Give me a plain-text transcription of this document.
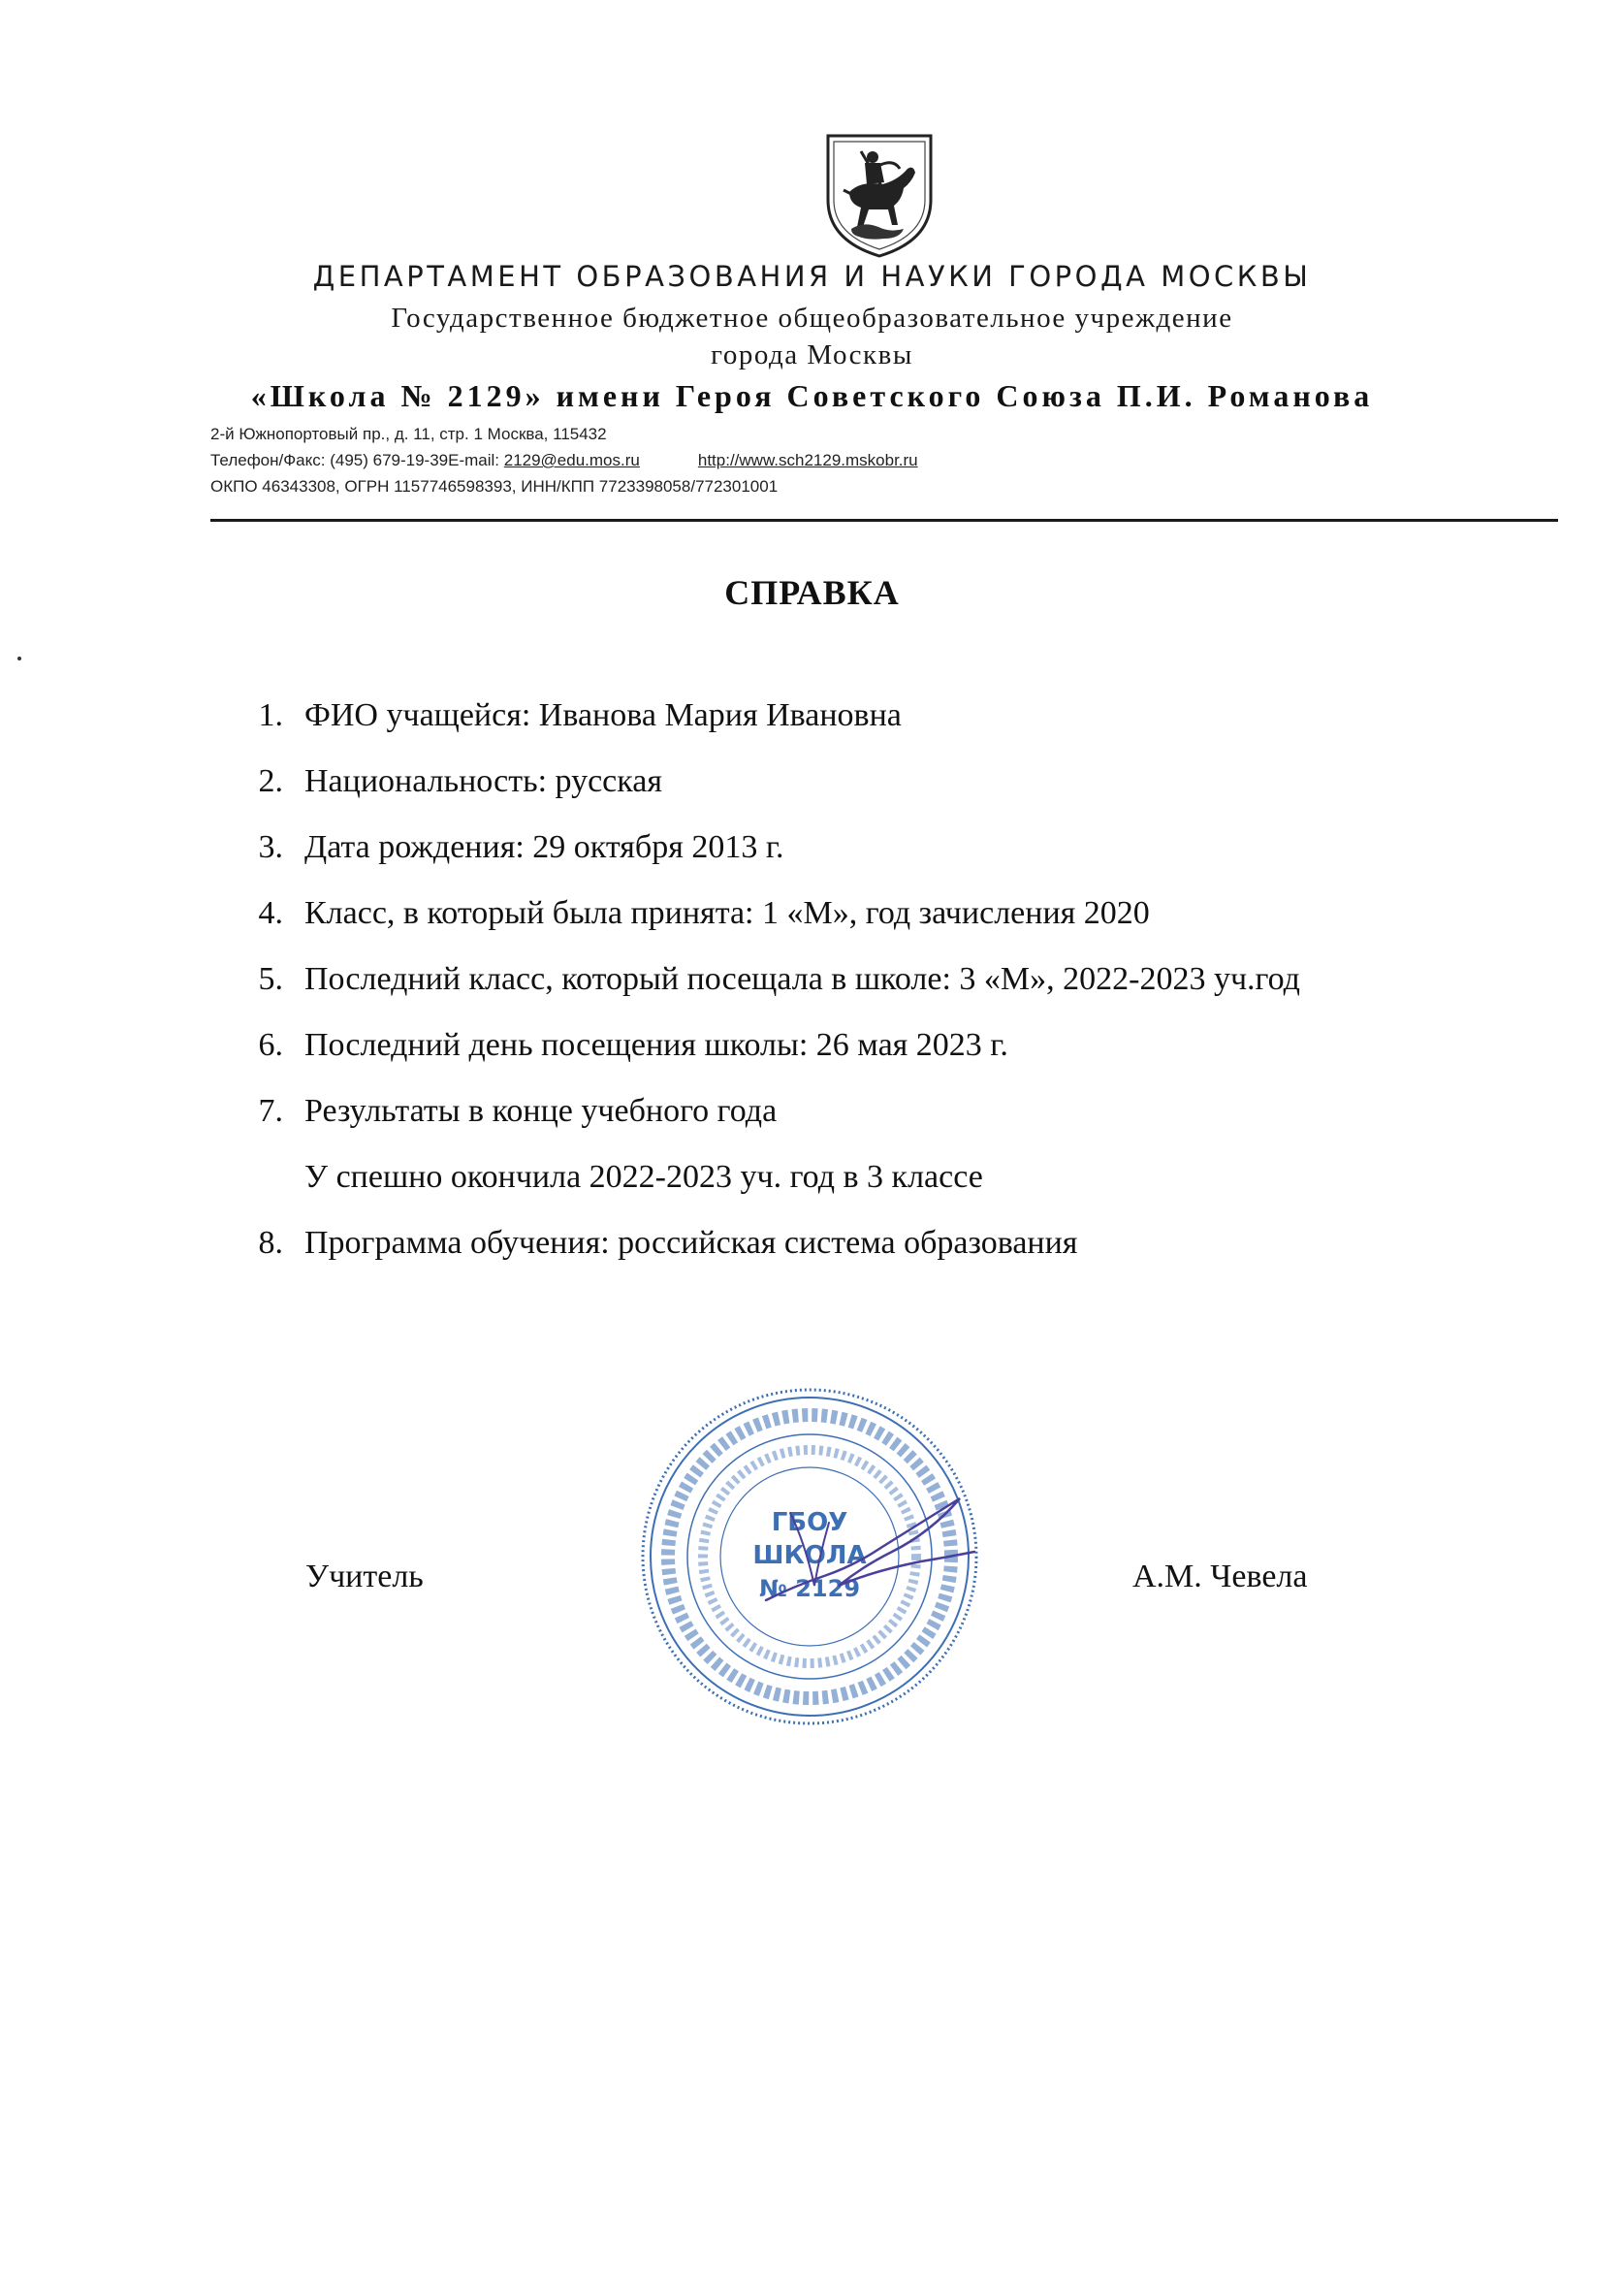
ДЕПАРТАМЕНТ ОБРАЗОВАНИЯ И НАУКИ ГОРОДА МОСКВЫ
Государственное бюджетное общеобразовательное учреждение
города Москвы
«Школа № 2129» имени Героя Советского Союза П.И. Романова
2-й Южнопортовый пр., д. 11, стр. 1 Москва, 115432
Телефон/Факс: (495) 679-19-39E-mail: 2129@edu.mos.ru	http://www.sch2129.mskobr.ru
ОКПО 46343308, ОГРН 1157746598393, ИНН/КПП 7723398058/772301001
СПРАВКА
1. ФИО учащейся: Иванова Мария Ивановна
2. Национальность: русская
3. Дата рождения: 29 октября 2013 г.
4. Класс, в который была принята: 1 «М», год зачисления 2020
5. Последний класс, который посещала в школе: 3 «М», 2022-2023 уч.год
6. Последний день посещения школы: 26 мая 2023 г.
7. Результаты в конце учебного года
У спешно окончила 2022-2023 уч. год в 3 классе
8. Программа обучения: российская система образования
Учитель
ГБОУ
ШКОЛА
№ 2129	А.М. Чевела
